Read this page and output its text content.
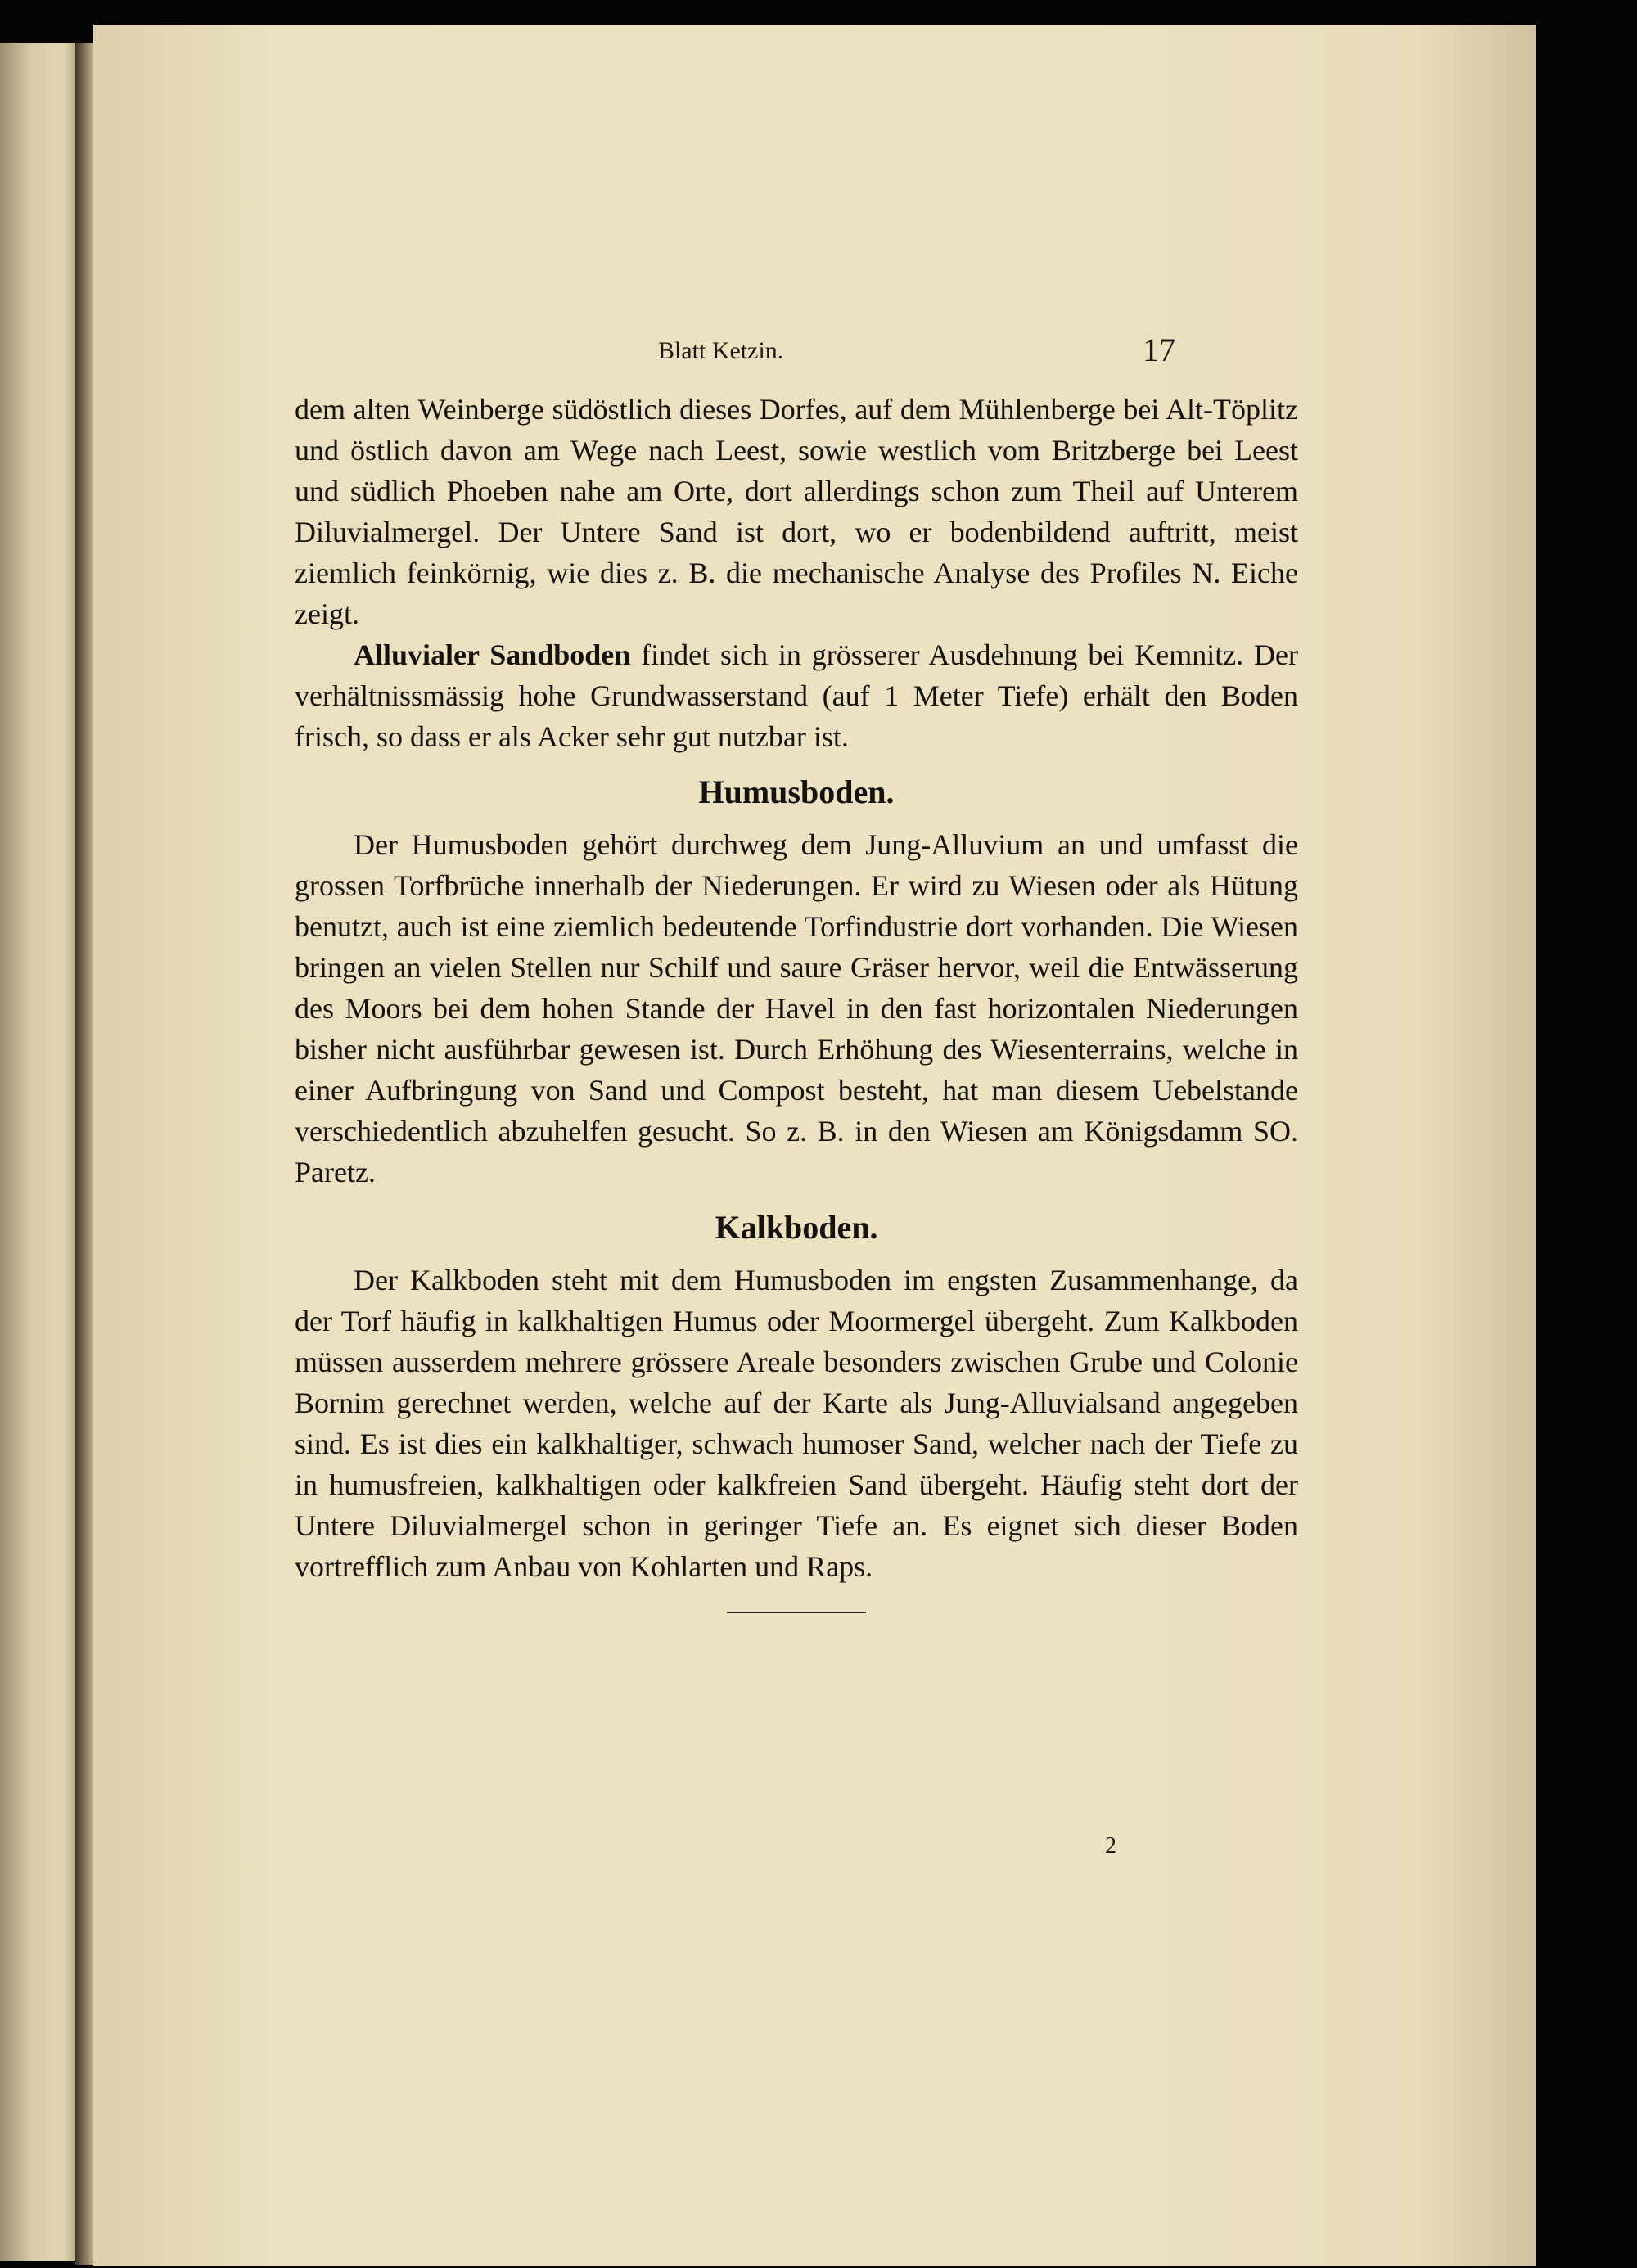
Blatt Ketzin.	17

dem alten Weinberge südöstlich dieses Dorfes, auf dem Mühlenberge bei Alt-Töplitz und östlich davon am Wege nach Leest, sowie westlich vom Britzberge bei Leest und südlich Phoeben nahe am Orte, dort allerdings schon zum Theil auf Unterem Diluvialmergel. Der Untere Sand ist dort, wo er bodenbildend auftritt, meist ziemlich feinkörnig, wie dies z. B. die mechanische Analyse des Profiles N. Eiche zeigt.

Alluvialer Sandboden findet sich in grösserer Ausdehnung bei Kemnitz. Der verhältnissmässig hohe Grundwasserstand (auf 1 Meter Tiefe) erhält den Boden frisch, so dass er als Acker sehr gut nutzbar ist.

Humusboden.

Der Humusboden gehört durchweg dem Jung-Alluvium an und umfasst die grossen Torfbrüche innerhalb der Niederungen. Er wird zu Wiesen oder als Hütung benutzt, auch ist eine ziemlich bedeutende Torfindustrie dort vorhanden. Die Wiesen bringen an vielen Stellen nur Schilf und saure Gräser hervor, weil die Entwässerung des Moors bei dem hohen Stande der Havel in den fast horizontalen Niederungen bisher nicht ausführbar gewesen ist. Durch Erhöhung des Wiesenterrains, welche in einer Aufbringung von Sand und Compost besteht, hat man diesem Uebelstande verschiedentlich abzuhelfen gesucht. So z. B. in den Wiesen am Königsdamm SO. Paretz.

Kalkboden.

Der Kalkboden steht mit dem Humusboden im engsten Zusammenhange, da der Torf häufig in kalkhaltigen Humus oder Moormergel übergeht. Zum Kalkboden müssen ausserdem mehrere grössere Areale besonders zwischen Grube und Colonie Bornim gerechnet werden, welche auf der Karte als Jung-Alluvialsand angegeben sind. Es ist dies ein kalkhaltiger, schwach humoser Sand, welcher nach der Tiefe zu in humusfreien, kalkhaltigen oder kalkfreien Sand übergeht. Häufig steht dort der Untere Diluvialmergel schon in geringer Tiefe an. Es eignet sich dieser Boden vortrefflich zum Anbau von Kohlarten und Raps.

2
